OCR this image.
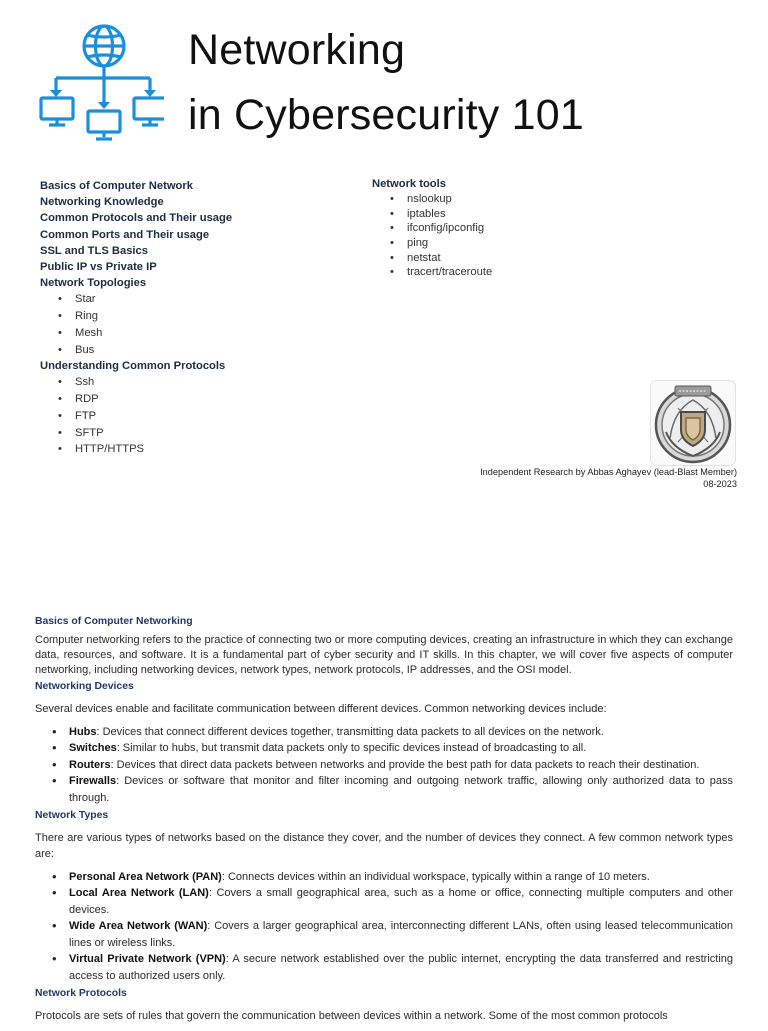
Networking
in Cybersecurity 101
Basics of Computer Network
Networking Knowledge
Common Protocols and Their usage
Common Ports and Their usage
SSL and TLS Basics
Public IP vs Private IP
Network Topologies
• Star
• Ring
• Mesh
• Bus
Understanding Common Protocols
• Ssh
• RDP
• FTP
• SFTP
• HTTP/HTTPS
Network tools
• nslookup
• iptables
• ifconfig/ipconfig
• ping
• netstat
• tracert/traceroute
Independent Research by Abbas Aghayev (lead-Blast Member)
08-2023
Basics of Computer Networking

Computer networking refers to the practice of connecting two or more computing devices, creating an infrastructure in which they can exchange data, resources, and software. It is a fundamental part of cyber security and IT skills. In this chapter, we will cover five aspects of computer networking, including networking devices, network types, network protocols, IP addresses, and the OSI model.

Networking Devices

Several devices enable and facilitate communication between different devices. Common networking devices include:

• Hubs: Devices that connect different devices together, transmitting data packets to all devices on the network.
• Switches: Similar to hubs, but transmit data packets only to specific devices instead of broadcasting to all.
• Routers: Devices that direct data packets between networks and provide the best path for data packets to reach their destination.
• Firewalls: Devices or software that monitor and filter incoming and outgoing network traffic, allowing only authorized data to pass through.
Network Types

There are various types of networks based on the distance they cover, and the number of devices they connect. A few common network types are:

• Personal Area Network (PAN): Connects devices within an individual workspace, typically within a range of 10 meters.
• Local Area Network (LAN): Covers a small geographical area, such as a home or office, connecting multiple computers and other devices.
• Wide Area Network (WAN): Covers a larger geographical area, interconnecting different LANs, often using leased telecommunication lines or wireless links.
• Virtual Private Network (VPN): A secure network established over the public internet, encrypting the data transferred and restricting access to authorized users only.
Network Protocols

Protocols are sets of rules that govern the communication between devices within a network. Some of the most common protocols
